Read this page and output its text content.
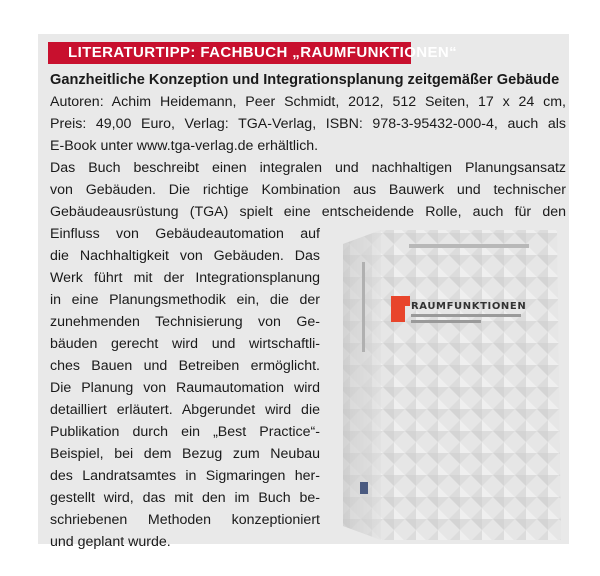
LITERATURTIPP: FACHBUCH „RAUMFUNKTIONEN“
Ganzheitliche Konzeption und Integrationsplanung zeitgemäßer Gebäude
Autoren: Achim Heidemann, Peer Schmidt, 2012, 512 Seiten, 17 x 24 cm,
Preis: 49,00 Euro, Verlag: TGA-Verlag, ISBN: 978-3-95432-000-4, auch als
E-Book unter www.tga-verlag.de erhältlich.
Das Buch beschreibt einen integralen und nachhaltigen Planungsansatz
von Gebäuden. Die richtige Kombination aus Bauwerk und technischer
Gebäudeausrüstung (TGA) spielt eine entscheidende Rolle, auch für den
Einfluss von Gebäudeautomation auf
die Nachhaltigkeit von Gebäuden. Das
Werk führt mit der Integrationsplanung
in eine Planungsmethodik ein, die der
zunehmenden Technisierung von Ge-
bäuden gerecht wird und wirtschaftli-
ches Bauen und Betreiben ermöglicht.
Die Planung von Raumautomation wird
detailliert erläutert. Abgerundet wird die
Publikation durch ein „Best Practice“-
Beispiel, bei dem Bezug zum Neubau
des Landratsamtes in Sigmaringen her-
gestellt wird, das mit den im Buch be-
schriebenen Methoden konzeptioniert
und geplant wurde.
RAUMFUNKTIONEN
